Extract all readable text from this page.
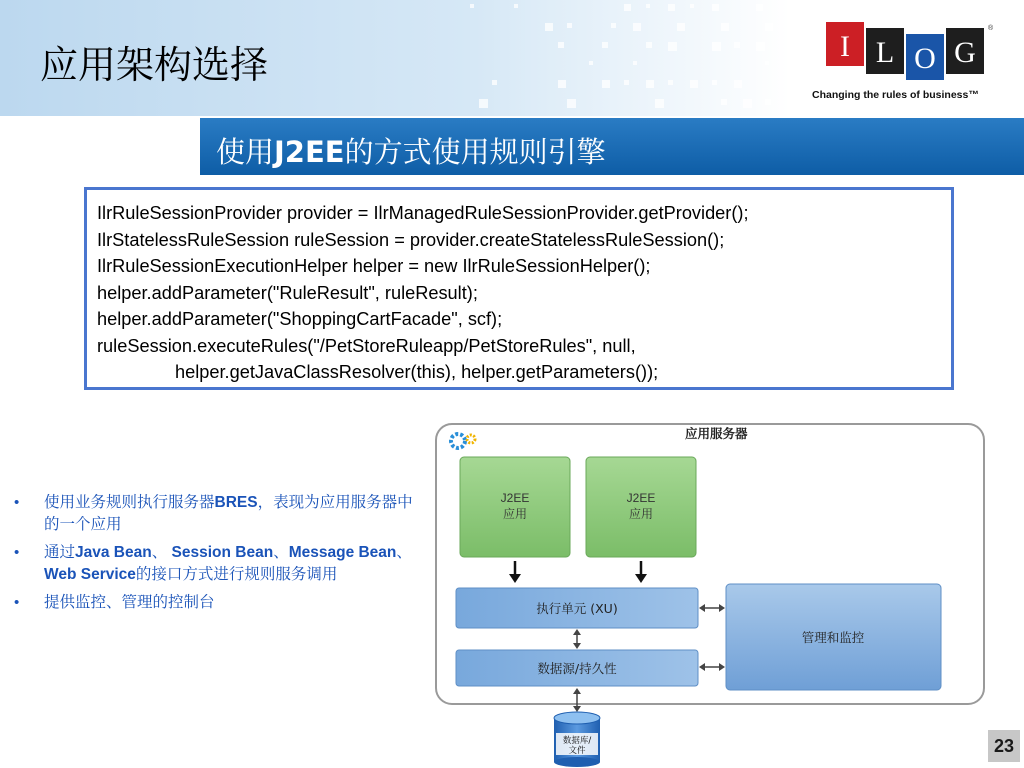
应用架构选择	I L O G
®
Changing the rules of business™
使用J2EE的方式使用规则引擎
IlrRuleSessionProvider provider = IlrManagedRuleSessionProvider.getProvider();
IlrStatelessRuleSession ruleSession = provider.createStatelessRuleSession();
IlrRuleSessionExecutionHelper helper = new IlrRuleSessionHelper();
helper.addParameter("RuleResult", ruleResult);
helper.addParameter("ShoppingCartFacade", scf);
ruleSession.executeRules("/PetStoreRuleapp/PetStoreRules", null,
helper.getJavaClassResolver(this), helper.getParameters());
• 使用业务规则执行服务器BRES，表现为应用服务器中的一个应用
• 通过Java Bean、 Session Bean、Message Bean、Web Service的接口方式进行规则服务调用
• 提供监控、管理的控制台
应用服务器
J2EE
应用
J2EE
应用
执行单元 (XU)
数据源/持久性
管理和监控
数据库/
文件	23
